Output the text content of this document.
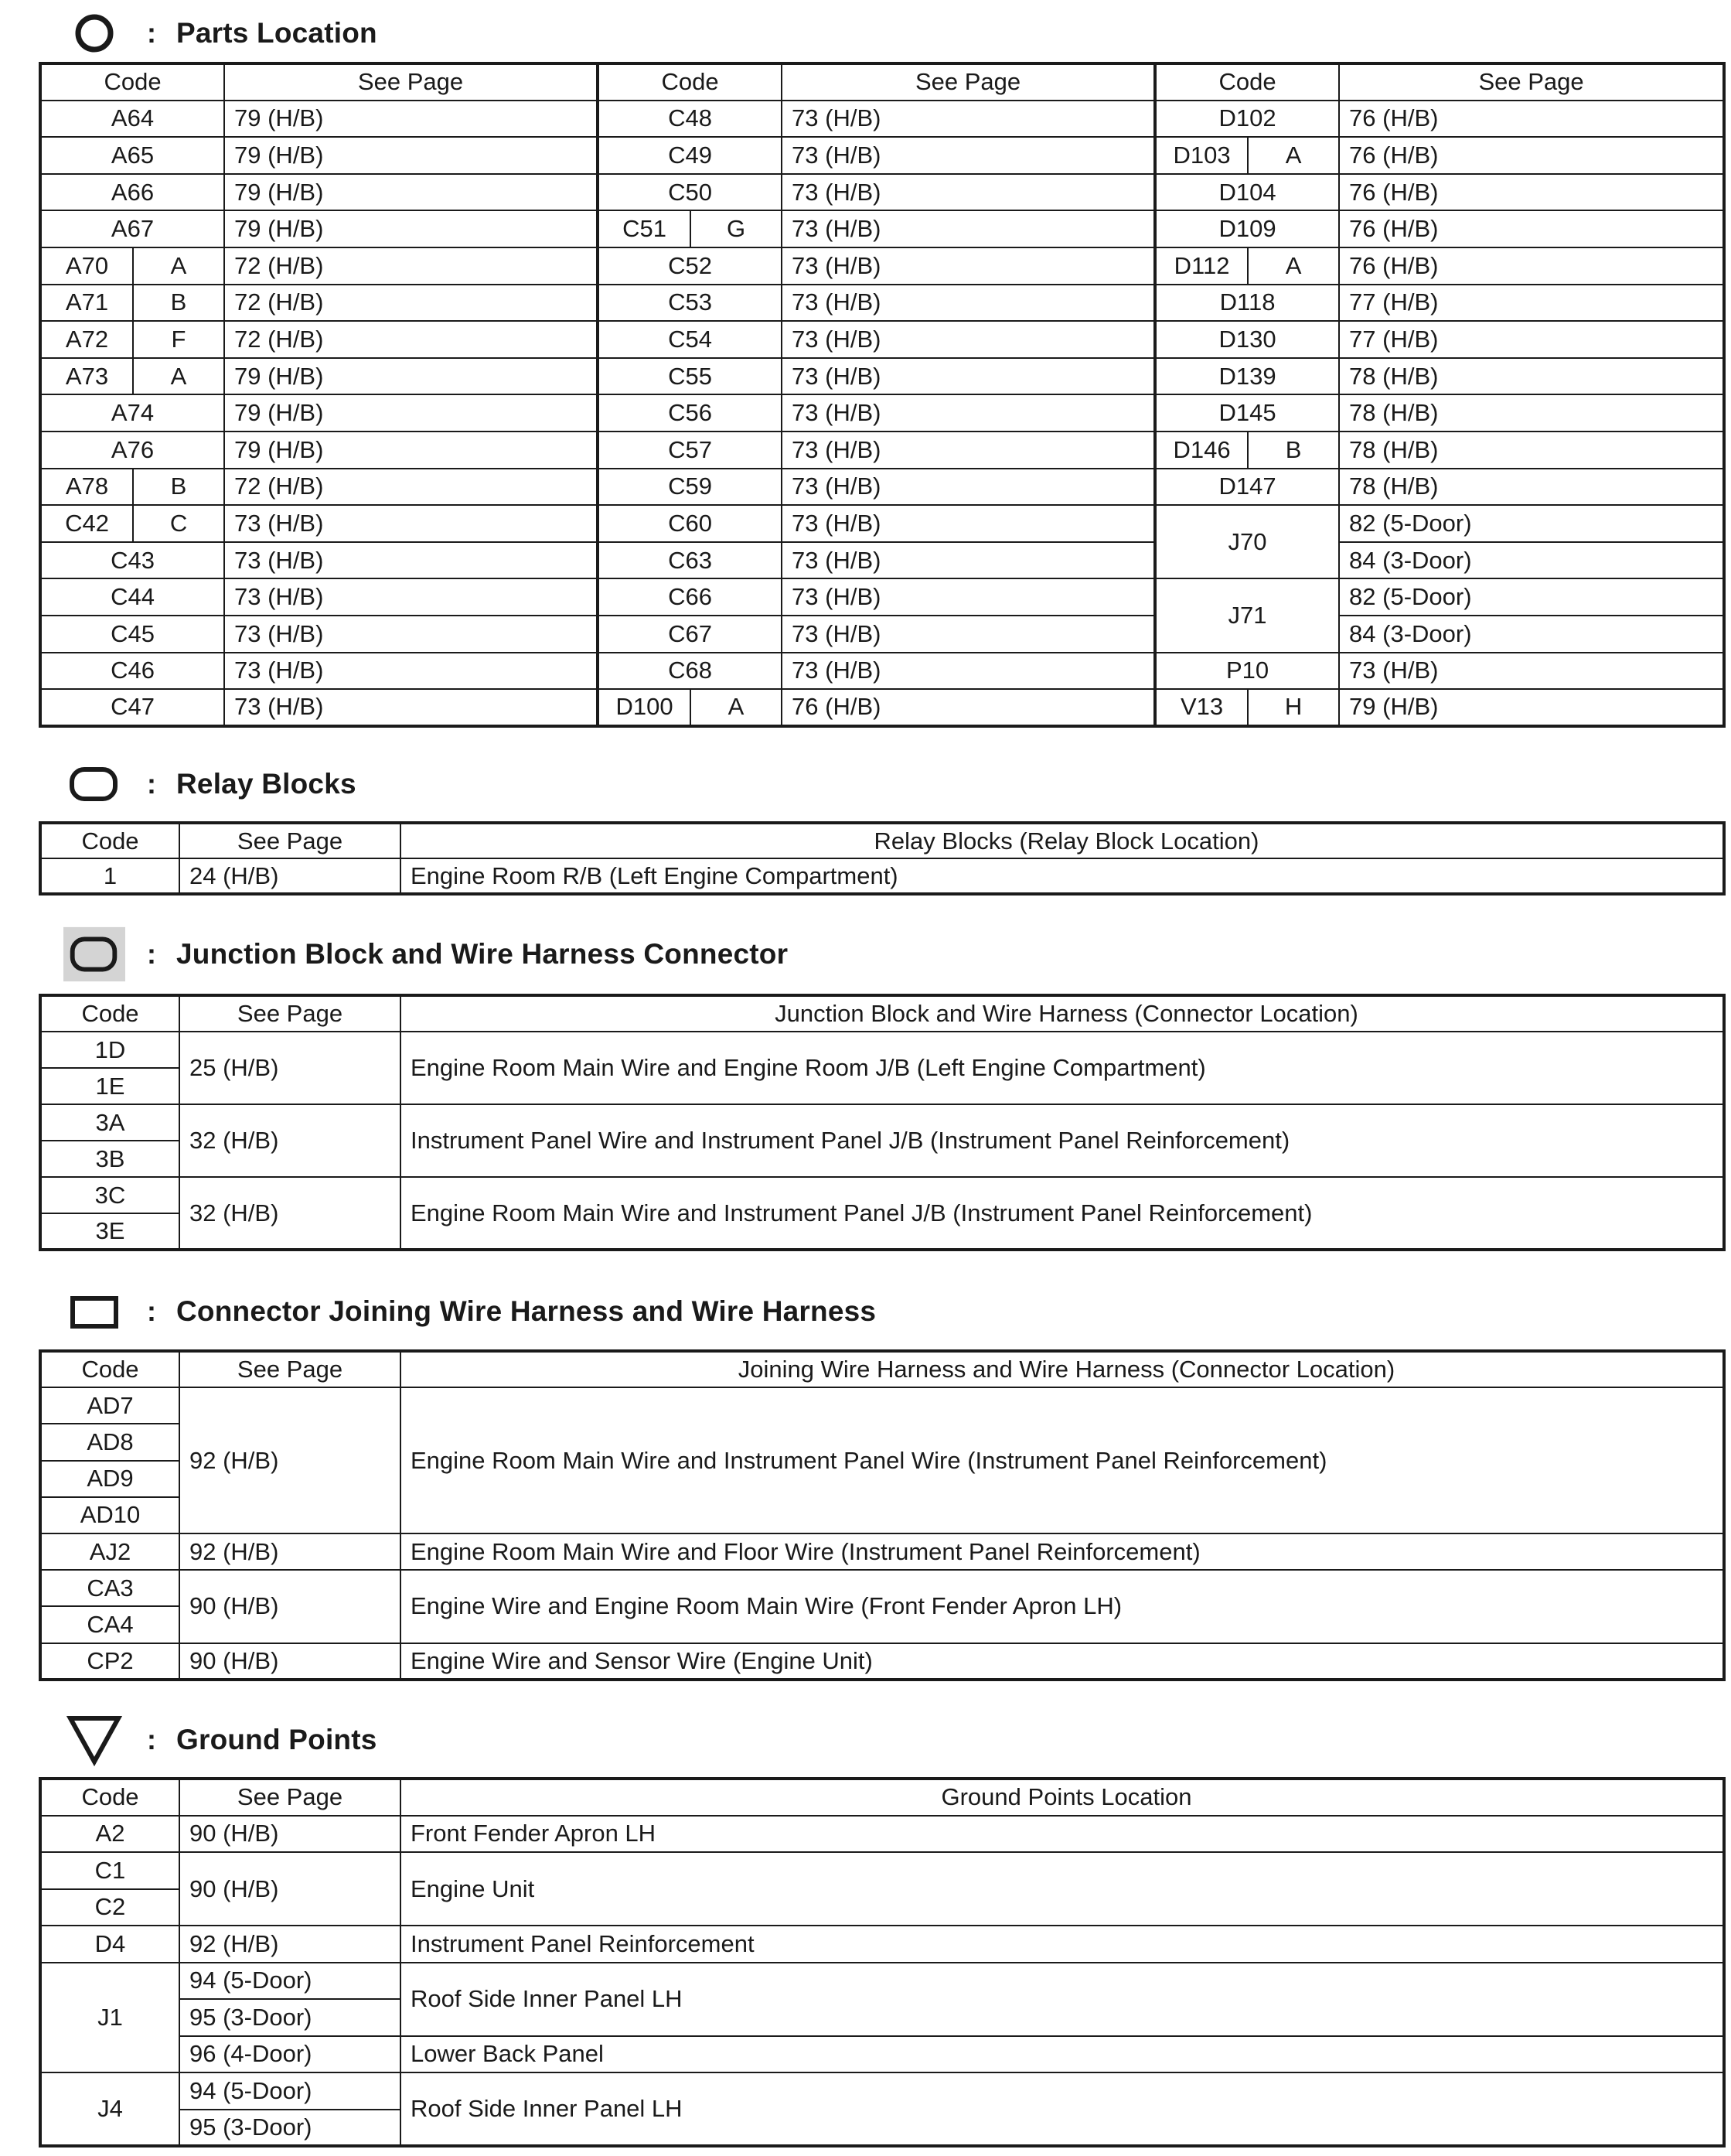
: Parts Location
Code		See Page	Code		See Page	Code		See Page
A64		79 (H/B)	C48		73 (H/B)	D102		76 (H/B)
A65		79 (H/B)	C49		73 (H/B)	D103	A	76 (H/B)
A66		79 (H/B)	C50		73 (H/B)	D104		76 (H/B)
A67		79 (H/B)	C51	G	73 (H/B)	D109		76 (H/B)
A70	A	72 (H/B)	C52		73 (H/B)	D112	A	76 (H/B)
A71	B	72 (H/B)	C53		73 (H/B)	D118		77 (H/B)
A72	F	72 (H/B)	C54		73 (H/B)	D130		77 (H/B)
A73	A	79 (H/B)	C55		73 (H/B)	D139		78 (H/B)
A74		79 (H/B)	C56		73 (H/B)	D145		78 (H/B)
A76		79 (H/B)	C57		73 (H/B)	D146	B	78 (H/B)
A78	B	72 (H/B)	C59		73 (H/B)	D147		78 (H/B)
C42	C	73 (H/B)	C60		73 (H/B)	J70		82 (5-Door)
C43		73 (H/B)	C63		73 (H/B)			84 (3-Door)
C44		73 (H/B)	C66		73 (H/B)	J71		82 (5-Door)
C45		73 (H/B)	C67		73 (H/B)			84 (3-Door)
C46		73 (H/B)	C68		73 (H/B)	P10		73 (H/B)
C47		73 (H/B)	D100	A	76 (H/B)	V13	H	79 (H/B)
: Relay Blocks
Code	See Page	Relay Blocks (Relay Block Location)
1	24 (H/B)	Engine Room R/B (Left Engine Compartment)
: Junction Block and Wire Harness Connector
Code	See Page	Junction Block and Wire Harness (Connector Location)
1D	25 (H/B)	Engine Room Main Wire and Engine Room J/B (Left Engine Compartment)
1E		
3A	32 (H/B)	Instrument Panel Wire and Instrument Panel J/B (Instrument Panel Reinforcement)
3B		
3C	32 (H/B)	Engine Room Main Wire and Instrument Panel J/B (Instrument Panel Reinforcement)
3E		
: Connector Joining Wire Harness and Wire Harness
Code	See Page	Joining Wire Harness and Wire Harness (Connector Location)
AD7	92 (H/B)	Engine Room Main Wire and Instrument Panel Wire (Instrument Panel Reinforcement)
AD8		
AD9		
AD10		
AJ2	92 (H/B)	Engine Room Main Wire and Floor Wire (Instrument Panel Reinforcement)
CA3	90 (H/B)	Engine Wire and Engine Room Main Wire (Front Fender Apron LH)
CA4		
CP2	90 (H/B)	Engine Wire and Sensor Wire (Engine Unit)
: Ground Points
Code	See Page	Ground Points Location
A2	90 (H/B)	Front Fender Apron LH
C1	90 (H/B)	Engine Unit
C2		
D4	92 (H/B)	Instrument Panel Reinforcement
J1	94 (5-Door)	Roof Side Inner Panel LH
	95 (3-Door)	
	96 (4-Door)	Lower Back Panel
J4	94 (5-Door)	Roof Side Inner Panel LH
	95 (3-Door)	
